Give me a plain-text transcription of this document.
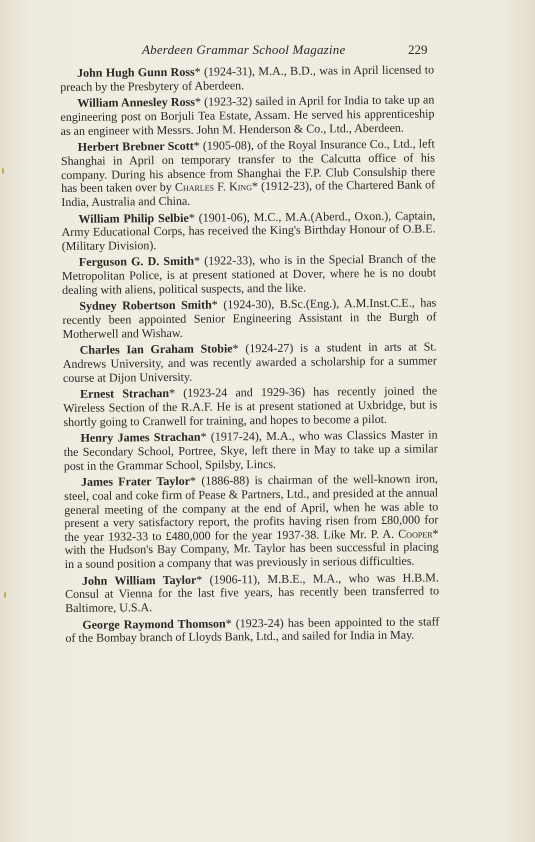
Aberdeen Grammar School Magazine	229

John Hugh Gunn Ross* (1924-31), M.A., B.D., was in April licensed to preach by the Presbytery of Aberdeen.

William Annesley Ross* (1923-32) sailed in April for India to take up an engineering post on Borjuli Tea Estate, Assam. He served his apprenticeship as an engineer with Messrs. John M. Henderson & Co., Ltd., Aberdeen.

Herbert Brebner Scott* (1905-08), of the Royal Insurance Co., Ltd., left Shanghai in April on temporary transfer to the Calcutta office of his company. During his absence from Shanghai the F.P. Club Consulship there has been taken over by Charles F. King* (1912-23), of the Chartered Bank of India, Australia and China.

William Philip Selbie* (1901-06), M.C., M.A.(Aberd., Oxon.), Captain, Army Educational Corps, has received the King's Birthday Honour of O.B.E. (Military Division).

Ferguson G. D. Smith* (1922-33), who is in the Special Branch of the Metropolitan Police, is at present stationed at Dover, where he is no doubt dealing with aliens, political suspects, and the like.

Sydney Robertson Smith* (1924-30), B.Sc.(Eng.), A.M.Inst.C.E., has recently been appointed Senior Engineering Assistant in the Burgh of Motherwell and Wishaw.

Charles Ian Graham Stobie* (1924-27) is a student in arts at St. Andrews University, and was recently awarded a scholarship for a summer course at Dijon University.

Ernest Strachan* (1923-24 and 1929-36) has recently joined the Wireless Section of the R.A.F. He is at present stationed at Uxbridge, but is shortly going to Cranwell for training, and hopes to become a pilot.

Henry James Strachan* (1917-24), M.A., who was Classics Master in the Secondary School, Portree, Skye, left there in May to take up a similar post in the Grammar School, Spilsby, Lincs.

James Frater Taylor* (1886-88) is chairman of the well-known iron, steel, coal and coke firm of Pease & Partners, Ltd., and presided at the annual general meeting of the company at the end of April, when he was able to present a very satisfactory report, the profits having risen from £80,000 for the year 1932-33 to £480,000 for the year 1937-38. Like Mr. P. A. Cooper* with the Hudson's Bay Company, Mr. Taylor has been successful in placing in a sound position a company that was previously in serious difficulties.

John William Taylor* (1906-11), M.B.E., M.A., who was H.B.M. Consul at Vienna for the last five years, has recently been transferred to Baltimore, U.S.A.

George Raymond Thomson* (1923-24) has been appointed to the staff of the Bombay branch of Lloyds Bank, Ltd., and sailed for India in May.
